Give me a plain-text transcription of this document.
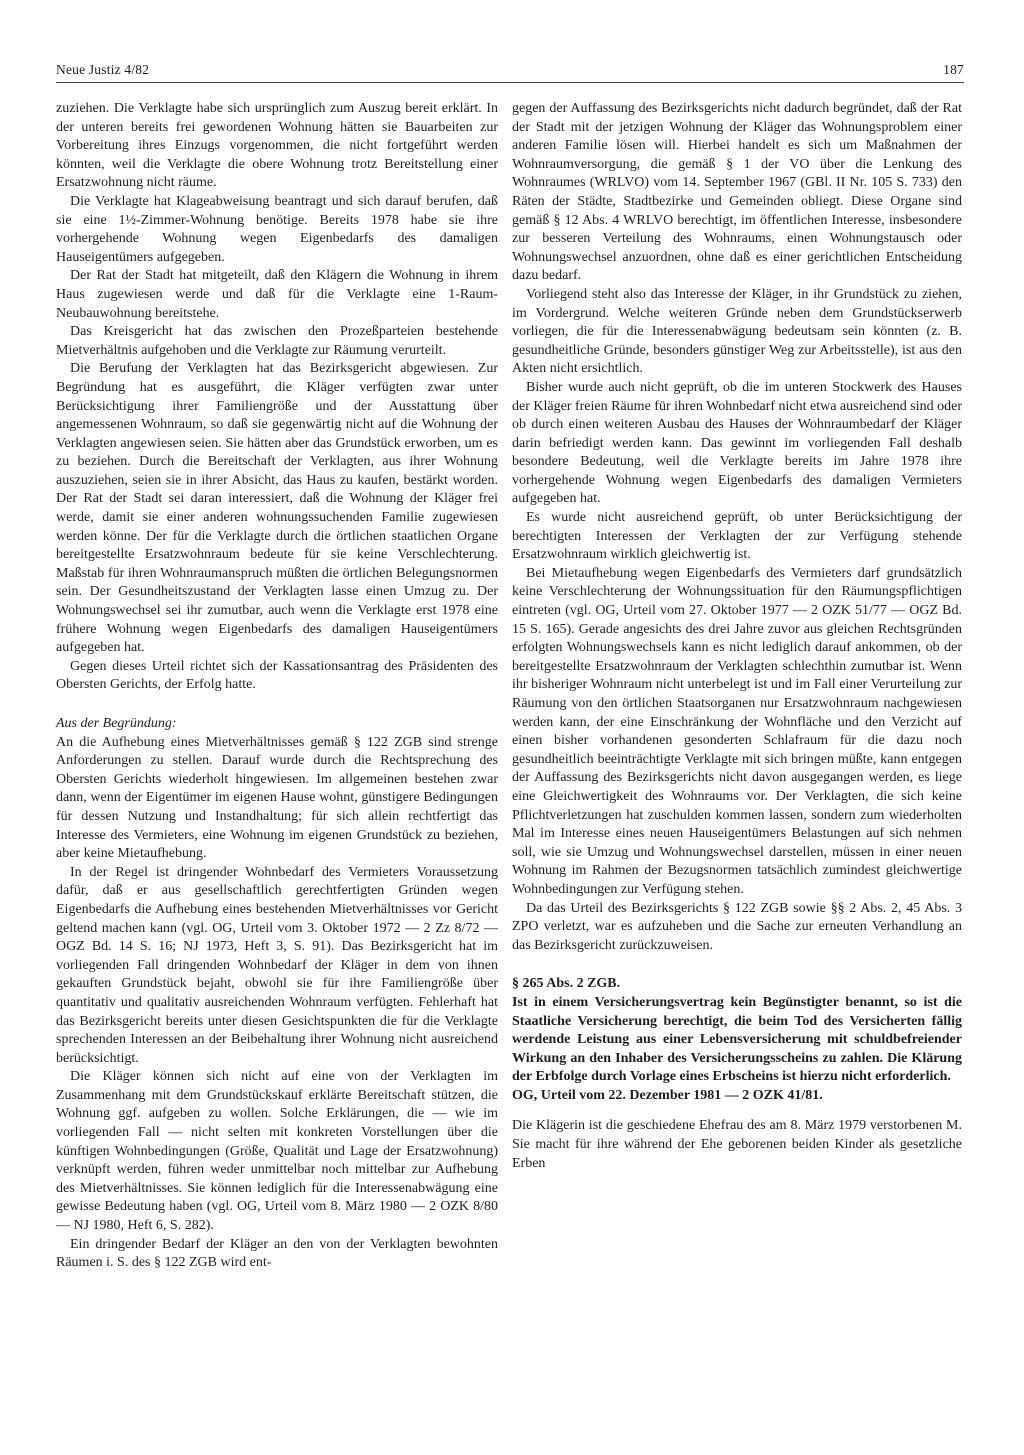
Neue Justiz 4/82	187

zuziehen. Die Verklagte habe sich ursprünglich zum Auszug bereit erklärt. In der unteren bereits frei gewordenen Wohnung hätten sie Bauarbeiten zur Vorbereitung ihres Einzugs vorgenommen, die nicht fortgeführt werden könnten, weil die Verklagte die obere Wohnung trotz Bereitstellung einer Ersatzwohnung nicht räume.

Die Verklagte hat Klageabweisung beantragt und sich darauf berufen, daß sie eine 1½-Zimmer-Wohnung benötige. Bereits 1978 habe sie ihre vorhergehende Wohnung wegen Eigenbedarfs des damaligen Hauseigentümers aufgegeben.

Der Rat der Stadt hat mitgeteilt, daß den Klägern die Wohnung in ihrem Haus zugewiesen werde und daß für die Verklagte eine 1-Raum-Neubauwohnung bereitstehe.

Das Kreisgericht hat das zwischen den Prozeßparteien bestehende Mietverhältnis aufgehoben und die Verklagte zur Räumung verurteilt.

Die Berufung der Verklagten hat das Bezirksgericht abgewiesen. Zur Begründung hat es ausgeführt, die Kläger verfügten zwar unter Berücksichtigung ihrer Familiengröße und der Ausstattung über angemessenen Wohnraum, so daß sie gegenwärtig nicht auf die Wohnung der Verklagten angewiesen seien. Sie hätten aber das Grundstück erworben, um es zu beziehen. Durch die Bereitschaft der Verklagten, aus ihrer Wohnung auszuziehen, seien sie in ihrer Absicht, das Haus zu kaufen, bestärkt worden. Der Rat der Stadt sei daran interessiert, daß die Wohnung der Kläger frei werde, damit sie einer anderen wohnungssuchenden Familie zugewiesen werden könne. Der für die Verklagte durch die örtlichen staatlichen Organe bereitgestellte Ersatzwohnraum bedeute für sie keine Verschlechterung. Maßstab für ihren Wohnraumanspruch müßten die örtlichen Belegungsnormen sein. Der Gesundheitszustand der Verklagten lasse einen Umzug zu. Der Wohnungswechsel sei ihr zumutbar, auch wenn die Verklagte erst 1978 eine frühere Wohnung wegen Eigenbedarfs des damaligen Hauseigentümers aufgegeben hat.

Gegen dieses Urteil richtet sich der Kassationsantrag des Präsidenten des Obersten Gerichts, der Erfolg hatte.

Aus der Begründung:

An die Aufhebung eines Mietverhältnisses gemäß § 122 ZGB sind strenge Anforderungen zu stellen. Darauf wurde durch die Rechtsprechung des Obersten Gerichts wiederholt hingewiesen. Im allgemeinen bestehen zwar dann, wenn der Eigentümer im eigenen Hause wohnt, günstigere Bedingungen für dessen Nutzung und Instandhaltung; für sich allein rechtfertigt das Interesse des Vermieters, eine Wohnung im eigenen Grundstück zu beziehen, aber keine Mietaufhebung.

In der Regel ist dringender Wohnbedarf des Vermieters Voraussetzung dafür, daß er aus gesellschaftlich gerechtfertigten Gründen wegen Eigenbedarfs die Aufhebung eines bestehenden Mietverhältnisses vor Gericht geltend machen kann (vgl. OG, Urteil vom 3. Oktober 1972 — 2 Zz 8/72 — OGZ Bd. 14 S. 16; NJ 1973, Heft 3, S. 91). Das Bezirksgericht hat im vorliegenden Fall dringenden Wohnbedarf der Kläger in dem von ihnen gekauften Grundstück bejaht, obwohl sie für ihre Familiengröße über quantitativ und qualitativ ausreichenden Wohnraum verfügten. Fehlerhaft hat das Bezirksgericht bereits unter diesen Gesichtspunkten die für die Verklagte sprechenden Interessen an der Beibehaltung ihrer Wohnung nicht ausreichend berücksichtigt.

Die Kläger können sich nicht auf eine von der Verklagten im Zusammenhang mit dem Grundstückskauf erklärte Bereitschaft stützen, die Wohnung ggf. aufgeben zu wollen. Solche Erklärungen, die — wie im vorliegenden Fall — nicht selten mit konkreten Vorstellungen über die künftigen Wohnbedingungen (Größe, Qualität und Lage der Ersatzwohnung) verknüpft werden, führen weder unmittelbar noch mittelbar zur Aufhebung des Mietverhältnisses. Sie können lediglich für die Interessenabwägung eine gewisse Bedeutung haben (vgl. OG, Urteil vom 8. März 1980 — 2 OZK 8/80 — NJ 1980, Heft 6, S. 282).

Ein dringender Bedarf der Kläger an den von der Verklagten bewohnten Räumen i. S. des § 122 ZGB wird ent-

gegen der Auffassung des Bezirksgerichts nicht dadurch begründet, daß der Rat der Stadt mit der jetzigen Wohnung der Kläger das Wohnungsproblem einer anderen Familie lösen will. Hierbei handelt es sich um Maßnahmen der Wohnraumversorgung, die gemäß § 1 der VO über die Lenkung des Wohnraumes (WRLVO) vom 14. September 1967 (GBl. II Nr. 105 S. 733) den Räten der Städte, Stadtbezirke und Gemeinden obliegt. Diese Organe sind gemäß § 12 Abs. 4 WRLVO berechtigt, im öffentlichen Interesse, insbesondere zur besseren Verteilung des Wohnraums, einen Wohnungstausch oder Wohnungswechsel anzuordnen, ohne daß es einer gerichtlichen Entscheidung dazu bedarf.

Vorliegend steht also das Interesse der Kläger, in ihr Grundstück zu ziehen, im Vordergrund. Welche weiteren Gründe neben dem Grundstückserwerb vorliegen, die für die Interessenabwägung bedeutsam sein könnten (z. B. gesundheitliche Gründe, besonders günstiger Weg zur Arbeitsstelle), ist aus den Akten nicht ersichtlich.

Bisher wurde auch nicht geprüft, ob die im unteren Stockwerk des Hauses der Kläger freien Räume für ihren Wohnbedarf nicht etwa ausreichend sind oder ob durch einen weiteren Ausbau des Hauses der Wohnraumbedarf der Kläger darin befriedigt werden kann. Das gewinnt im vorliegenden Fall deshalb besondere Bedeutung, weil die Verklagte bereits im Jahre 1978 ihre vorhergehende Wohnung wegen Eigenbedarfs des damaligen Vermieters aufgegeben hat.

Es wurde nicht ausreichend geprüft, ob unter Berücksichtigung der berechtigten Interessen der Verklagten der zur Verfügung stehende Ersatzwohnraum wirklich gleichwertig ist.

Bei Mietaufhebung wegen Eigenbedarfs des Vermieters darf grundsätzlich keine Verschlechterung der Wohnungssituation für den Räumungspflichtigen eintreten (vgl. OG, Urteil vom 27. Oktober 1977 — 2 OZK 51/77 — OGZ Bd. 15 S. 165). Gerade angesichts des drei Jahre zuvor aus gleichen Rechtsgründen erfolgten Wohnungswechsels kann es nicht lediglich darauf ankommen, ob der bereitgestellte Ersatzwohnraum der Verklagten schlechthin zumutbar ist. Wenn ihr bisheriger Wohnraum nicht unterbelegt ist und im Fall einer Verurteilung zur Räumung von den örtlichen Staatsorganen nur Ersatzwohnraum nachgewiesen werden kann, der eine Einschränkung der Wohnfläche und den Verzicht auf einen bisher vorhandenen gesonderten Schlafraum für die dazu noch gesundheitlich beeinträchtigte Verklagte mit sich bringen müßte, kann entgegen der Auffassung des Bezirksgerichts nicht davon ausgegangen werden, es liege eine Gleichwertigkeit des Wohnraums vor. Der Verklagten, die sich keine Pflichtverletzungen hat zuschulden kommen lassen, sondern zum wiederholten Mal im Interesse eines neuen Hauseigentümers Belastungen auf sich nehmen soll, wie sie Umzug und Wohnungswechsel darstellen, müssen in einer neuen Wohnung im Rahmen der Bezugsnormen tatsächlich zumindest gleichwertige Wohnbedingungen zur Verfügung stehen.

Da das Urteil des Bezirksgerichts § 122 ZGB sowie §§ 2 Abs. 2, 45 Abs. 3 ZPO verletzt, war es aufzuheben und die Sache zur erneuten Verhandlung an das Bezirksgericht zurückzuweisen.

§ 265 Abs. 2 ZGB.

Ist in einem Versicherungsvertrag kein Begünstigter benannt, so ist die Staatliche Versicherung berechtigt, die beim Tod des Versicherten fällig werdende Leistung aus einer Lebensversicherung mit schuldbefreiender Wirkung an den Inhaber des Versicherungsscheins zu zahlen. Die Klärung der Erbfolge durch Vorlage eines Erbscheins ist hierzu nicht erforderlich.

OG, Urteil vom 22. Dezember 1981 — 2 OZK 41/81.

Die Klägerin ist die geschiedene Ehefrau des am 8. März 1979 verstorbenen M. Sie macht für ihre während der Ehe geborenen beiden Kinder als gesetzliche Erben
